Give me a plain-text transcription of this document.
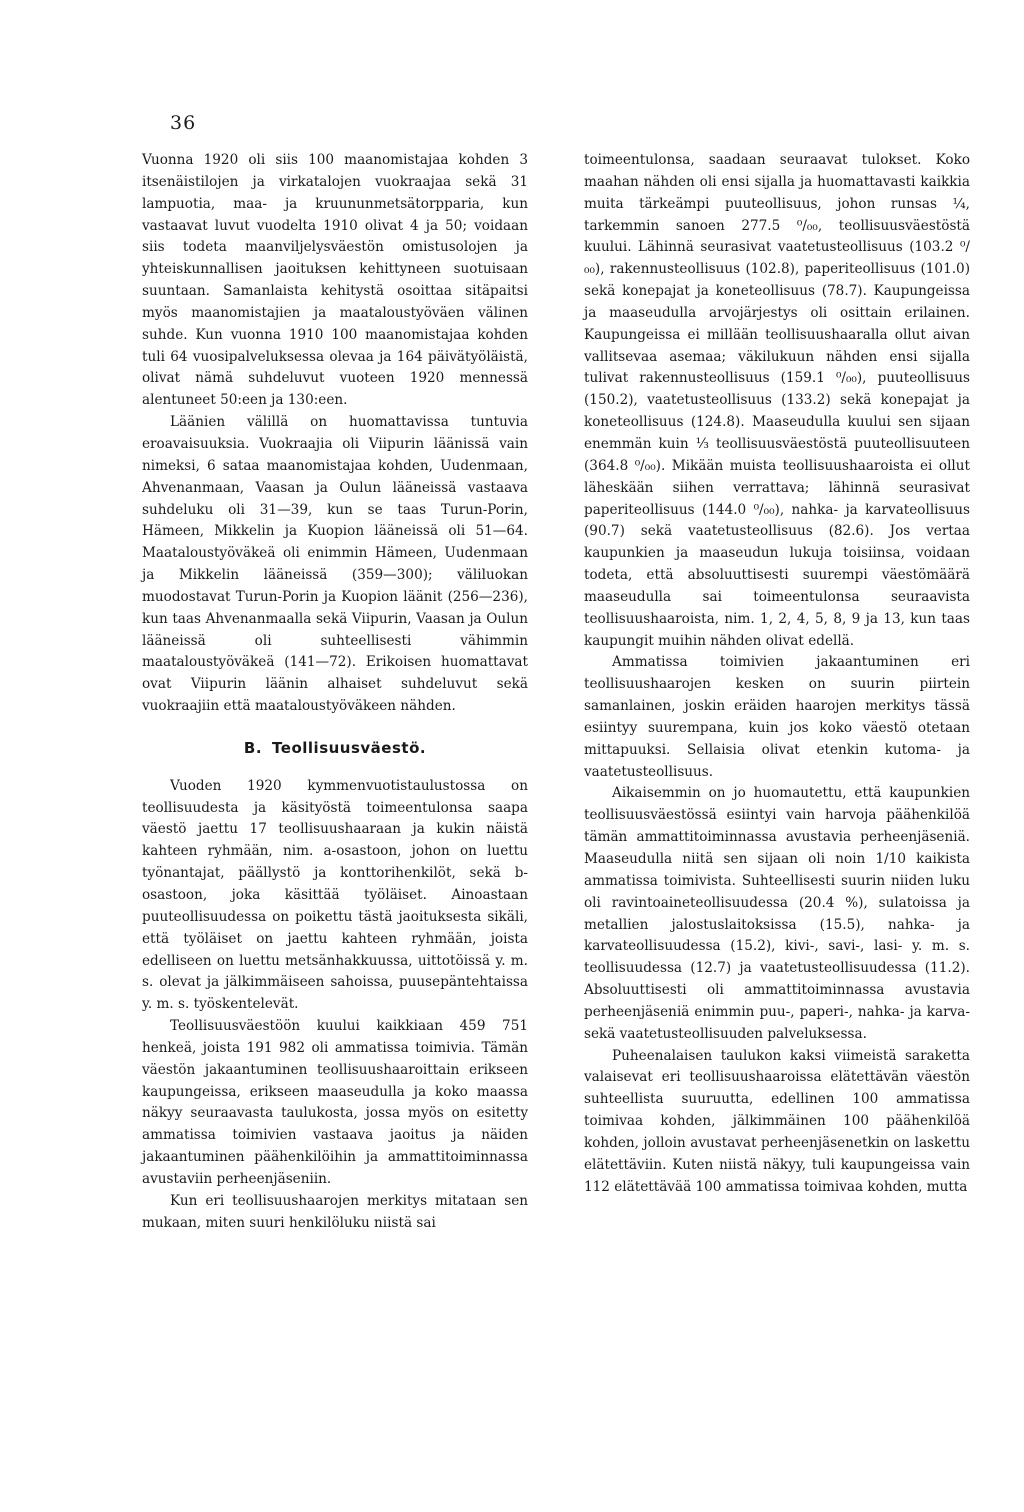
36

Vuonna 1920 oli siis 100 maanomistajaa kohden 3 itsenäistilojen ja virkatalojen vuokraajaa sekä 31 lampuotia, maa- ja kruununmetsätorpparia, kun vastaavat luvut vuodelta 1910 olivat 4 ja 50; voidaan siis todeta maanviljelysväestön omistusolojen ja yhteiskunnallisen jaoituksen kehittyneen suotuisaan suuntaan. Samanlaista kehitystä osoittaa sitäpaitsi myös maanomistajien ja maataloustyöväen välinen suhde. Kun vuonna 1910 100 maanomistajaa kohden tuli 64 vuosipalveluksessa olevaa ja 164 päivätyöläistä, olivat nämä suhdeluvut vuoteen 1920 mennessä alentuneet 50:een ja 130:een.

Läänien välillä on huomattavissa tuntuvia eroavaisuuksia. Vuokraajia oli Viipurin läänissä vain nimeksi, 6 sataa maanomistajaa kohden, Uudenmaan, Ahvenanmaan, Vaasan ja Oulun lääneissä vastaava suhdeluku oli 31—39, kun se taas Turun-Porin, Hämeen, Mikkelin ja Kuopion lääneissä oli 51—64. Maataloustyöväkeä oli enimmin Hämeen, Uudenmaan ja Mikkelin lääneissä (359—300); väliluokan muodostavat Turun-Porin ja Kuopion läänit (256—236), kun taas Ahvenanmaalla sekä Viipurin, Vaasan ja Oulun lääneissä oli suhteellisesti vähimmin maataloustyöväkeä (141—72). Erikoisen huomattavat ovat Viipurin läänin alhaiset suhdeluvut sekä vuokraajiin että maataloustyöväkeen nähden.

B. Teollisuusväestö.

Vuoden 1920 kymmenvuotistaulustossa on teollisuudesta ja käsityöstä toimeentulonsa saapa väestö jaettu 17 teollisuushaaraan ja kukin näistä kahteen ryhmään, nim. a-osastoon, johon on luettu työnantajat, päällystö ja konttorihenkilöt, sekä b-osastoon, joka käsittää työläiset. Ainoastaan puuteollisuudessa on poikettu tästä jaoituksesta sikäli, että työläiset on jaettu kahteen ryhmään, joista edelliseen on luettu metsänhakkuussa, uittotöissä y. m. s. olevat ja jälkimmäiseen sahoissa, puusepäntehtaissa y. m. s. työskentelevät.

Teollisuusväestöön kuului kaikkiaan 459 751 henkeä, joista 191 982 oli ammatissa toimivia. Tämän väestön jakaantuminen teollisuushaaroittain erikseen kaupungeissa, erikseen maaseudulla ja koko maassa näkyy seuraavasta taulukosta, jossa myös on esitetty ammatissa toimivien vastaava jaoitus ja näiden jakaantuminen päähenkilöihin ja ammattitoiminnassa avustaviin perheenjäseniin.

Kun eri teollisuushaarojen merkitys mitataan sen mukaan, miten suuri henkilöluku niistä sai

toimeentulonsa, saadaan seuraavat tulokset. Koko maahan nähden oli ensi sijalla ja huomattavasti kaikkia muita tärkeämpi puuteollisuus, johon runsas ¼, tarkemmin sanoen 277.5 ⁰/₀₀, teollisuusväestöstä kuului. Lähinnä seurasivat vaatetusteollisuus (103.2 ⁰/₀₀), rakennusteollisuus (102.8), paperiteollisuus (101.0) sekä konepajat ja koneteollisuus (78.7). Kaupungeissa ja maaseudulla arvojärjestys oli osittain erilainen. Kaupungeissa ei millään teollisuushaaralla ollut aivan vallitsevaa asemaa; väkilukuun nähden ensi sijalla tulivat rakennusteollisuus (159.1 ⁰/₀₀), puuteollisuus (150.2), vaatetusteollisuus (133.2) sekä konepajat ja koneteollisuus (124.8). Maaseudulla kuului sen sijaan enemmän kuin ⅓ teollisuusväestöstä puuteollisuuteen (364.8 ⁰/₀₀). Mikään muista teollisuushaaroista ei ollut läheskään siihen verrattava; lähinnä seurasivat paperiteollisuus (144.0 ⁰/₀₀), nahka- ja karvateollisuus (90.7) sekä vaatetusteollisuus (82.6). Jos vertaa kaupunkien ja maaseudun lukuja toisiinsa, voidaan todeta, että absoluuttisesti suurempi väestömäärä maaseudulla sai toimeentulonsa seuraavista teollisuushaaroista, nim. 1, 2, 4, 5, 8, 9 ja 13, kun taas kaupungit muihin nähden olivat edellä.

Ammatissa toimivien jakaantuminen eri teollisuushaarojen kesken on suurin piirtein samanlainen, joskin eräiden haarojen merkitys tässä esiintyy suurempana, kuin jos koko väestö otetaan mittapuuksi. Sellaisia olivat etenkin kutoma- ja vaatetusteollisuus.

Aikaisemmin on jo huomautettu, että kaupunkien teollisuusväestössä esiintyi vain harvoja päähenkilöä tämän ammattitoiminnassa avustavia perheenjäseniä. Maaseudulla niitä sen sijaan oli noin 1/10 kaikista ammatissa toimivista. Suhteellisesti suurin niiden luku oli ravintoaineteollisuudessa (20.4 %), sulatoissa ja metallien jalostuslaitoksissa (15.5), nahka- ja karvateollisuudessa (15.2), kivi-, savi-, lasi- y. m. s. teollisuudessa (12.7) ja vaatetusteollisuudessa (11.2). Absoluuttisesti oli ammattitoiminnassa avustavia perheenjäseniä enimmin puu-, paperi-, nahka- ja karva- sekä vaatetusteollisuuden palveluksessa.

Puheenalaisen taulukon kaksi viimeistä saraketta valaisevat eri teollisuushaaroissa elätettävän väestön suhteellista suuruutta, edellinen 100 ammatissa toimivaa kohden, jälkimmäinen 100 päähenkilöä kohden, jolloin avustavat perheenjäsenetkin on laskettu elätettäviin. Kuten niistä näkyy, tuli kaupungeissa vain 112 elätettävää 100 ammatissa toimivaa kohden, mutta
